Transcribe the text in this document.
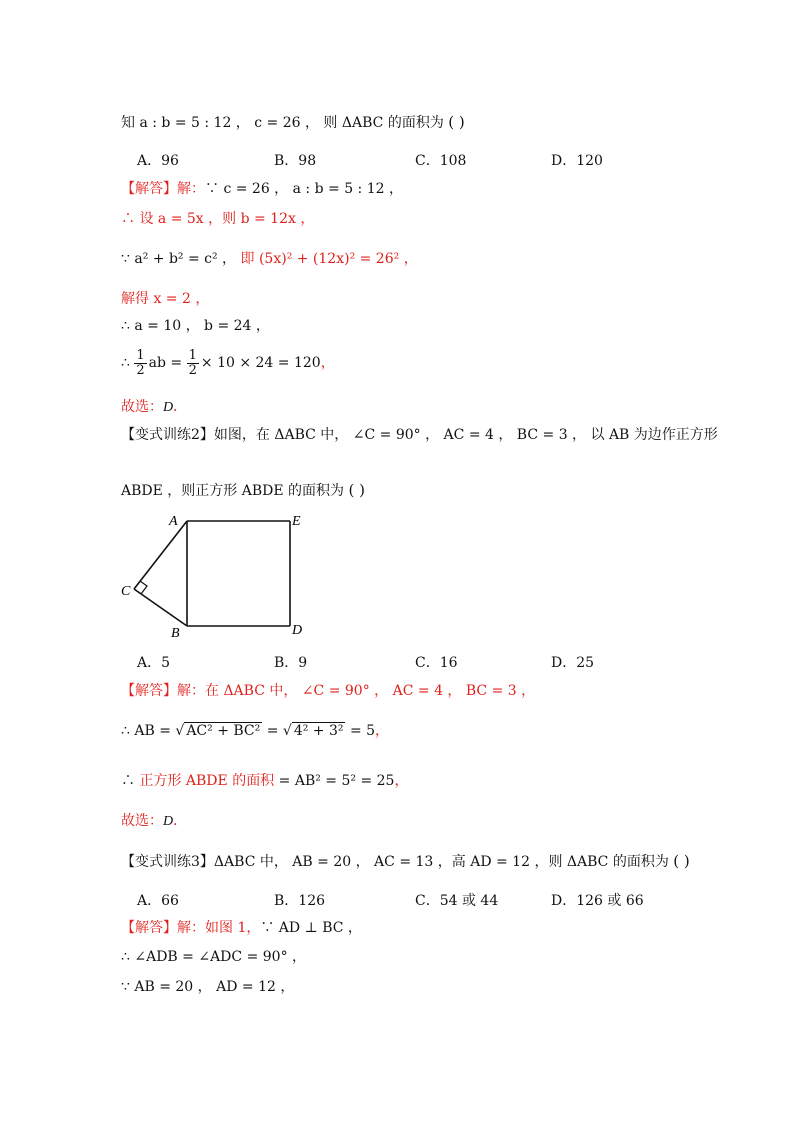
知 a : b = 5 : 12 ， c = 26 ， 则 ΔABC 的面积为 ( )
A．96	B．98	C．108	D．120
【解答】解：∵ c = 26 ， a : b = 5 : 12 ，
∴ 设 a = 5x ，则 b = 12x ，
∵ a² + b² = c² ， 即 (5x)² + (12x)² = 26² ，
解得 x = 2 ，
∴ a = 10 ， b = 24 ，
∴ $\frac{1}{2}$ ab = $\frac{1}{2} \times 10 \times 24 = 120$，
故选：D．
【变式训练2】如图，在 ΔABC 中， ∠C = 90° ， AC = 4 ， BC = 3 ， 以 AB 为边作正方形
ABDE ，则正方形 ABDE 的面积为 ( )
A	E
C
B	D
A．5	B．9	C．16	D．25
【解答】解：在 ΔABC 中， ∠C = 90° ， AC = 4 ， BC = 3 ，
∴ AB = √ AC² + BC² = √ 4² + 3² = 5，
∴ 正方形 ABDE 的面积 = AB² = 5² = 25，
故选：D．
【变式训练3】ΔABC 中， AB = 20 ， AC = 13 ，高 AD = 12 ，则 ΔABC 的面积为 ( )
A．66	B．126	C．54 或 44	D．126 或 66
【解答】解：如图 1，∵ AD ⊥ BC ，
∴ ∠ADB = ∠ADC = 90° ，
∵ AB = 20 ， AD = 12 ，
